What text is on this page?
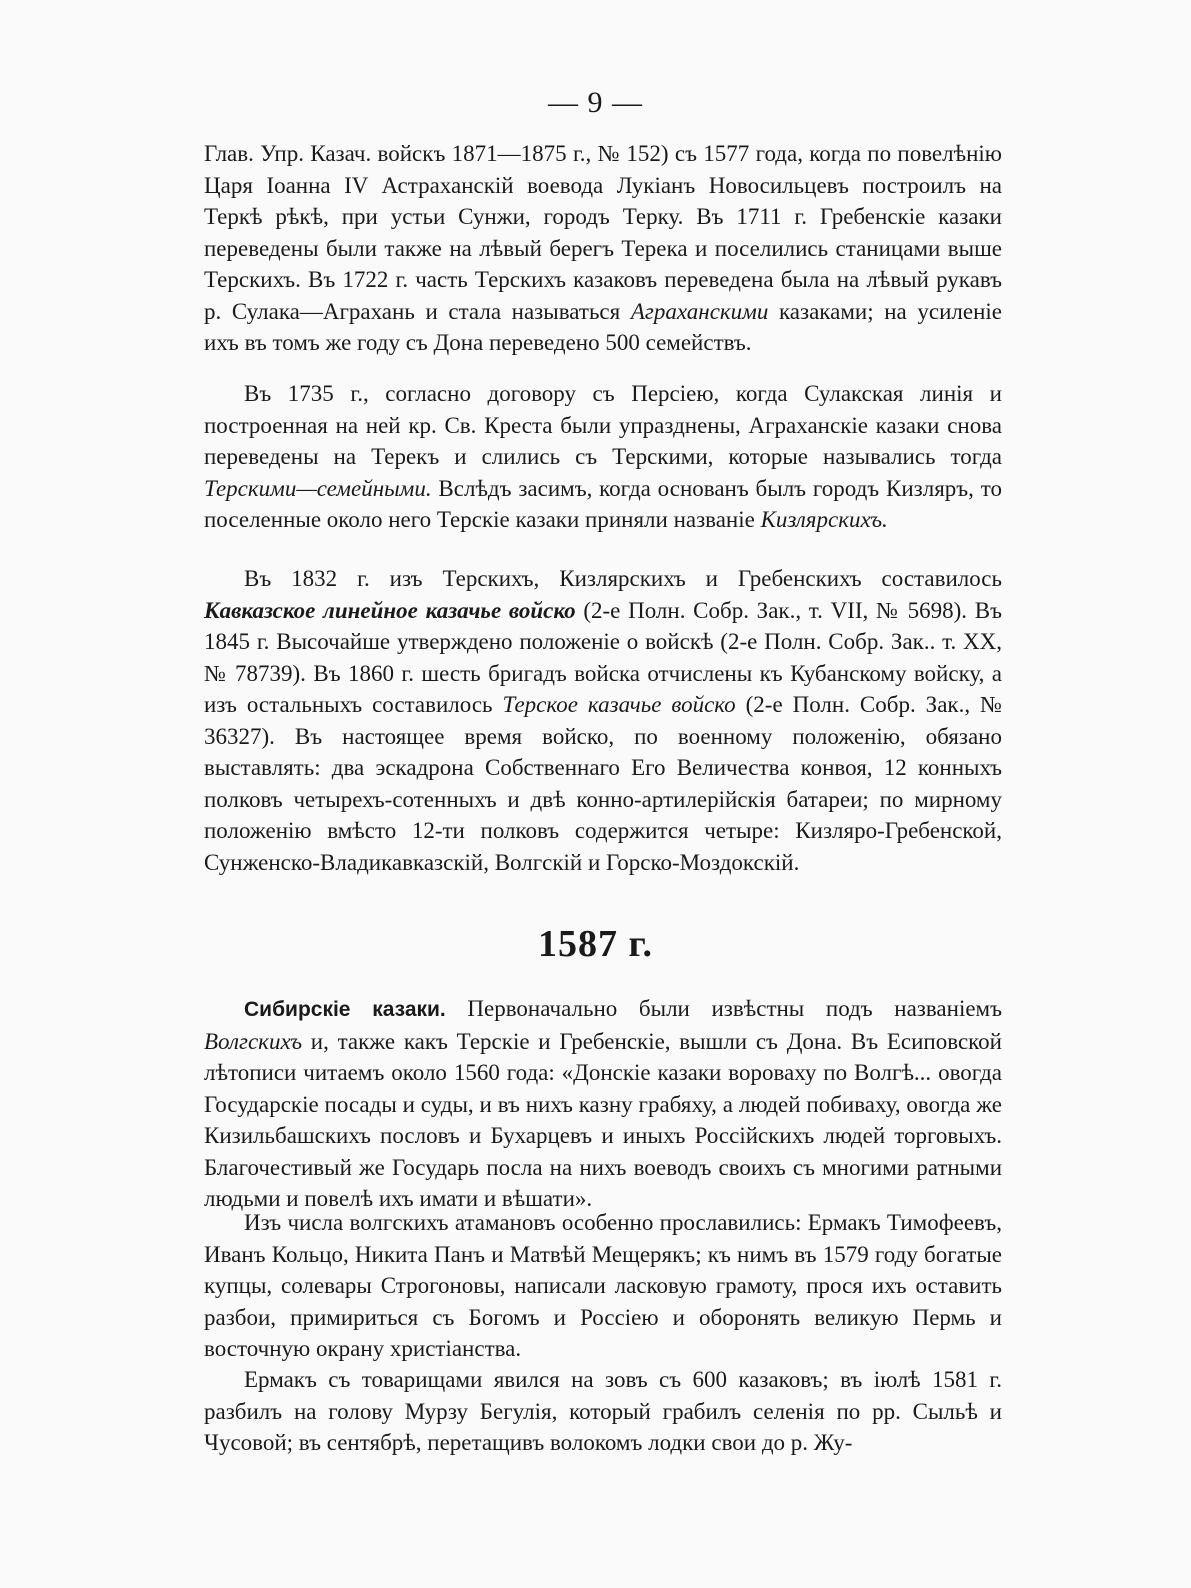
— 9 —

Глав. Упр. Казач. войскъ 1871—1875 г., № 152) съ 1577 года, когда по повелѣнію Царя Іоанна IV Астраханскій воевода Лукіанъ Новосильцевъ построилъ на Теркѣ рѣкѣ, при устьи Сунжи, городъ Терку. Въ 1711 г. Гребенскіе казаки переведены были также на лѣвый берегъ Терека и поселились станицами выше Терскихъ. Въ 1722 г. часть Терскихъ казаковъ переведена была на лѣвый рукавъ р. Сулака—Аграхань и стала называться Аграханскими казаками; на усиленіе ихъ въ томъ же году съ Дона переведено 500 семействъ.

Въ 1735 г., согласно договору съ Персіею, когда Сулакская линія и построенная на ней кр. Св. Креста были упразднены, Аграханскіе казаки снова переведены на Терекъ и слились съ Терскими, которые назывались тогда Терскими—семейными. Вслѣдъ засимъ, когда основанъ былъ городъ Кизляръ, то поселенные около него Терскіе казаки приняли названіе Кизлярскихъ.

Въ 1832 г. изъ Терскихъ, Кизлярскихъ и Гребенскихъ составилось Кавказское линейное казачье войско (2-е Полн. Собр. Зак., т. VII, № 5698). Въ 1845 г. Высочайше утверждено положеніе о войскѣ (2-е Полн. Собр. Зак.. т. XX, № 78739). Въ 1860 г. шесть бригадъ войска отчислены къ Кубанскому войску, а изъ остальныхъ составилось Терское казачье войско (2-е Полн. Собр. Зак., № 36327). Въ настоящее время войско, по военному положенію, обязано выставлять: два эскадрона Собственнаго Его Величества конвоя, 12 конныхъ полковъ четырехъ-сотенныхъ и двѣ конно-артилерійскія батареи; по мирному положенію вмѣсто 12-ти полковъ содержится четыре: Кизляро-Гребенской, Сунженско-Владикавказскій, Волгскій и Горско-Моздокскій.

1587 г.

Сибирскіе казаки. Первоначально были извѣстны подъ названіемъ Волгскихъ и, также какъ Терскіе и Гребенскіе, вышли съ Дона. Въ Есиповской лѣтописи читаемъ около 1560 года: «Донскіе казаки вороваху по Волгѣ... овогда Государскіе посады и суды, и въ нихъ казну грабяху, а людей побиваху, овогда же Кизильбашскихъ пословъ и Бухарцевъ и иныхъ Россійскихъ людей торговыхъ. Благочестивый же Государь посла на нихъ воеводъ своихъ съ многими ратными людьми и повелѣ ихъ имати и вѣшати».

Изъ числа волгскихъ атамановъ особенно прославились: Ермакъ Тимофеевъ, Иванъ Кольцо, Никита Панъ и Матвѣй Мещерякъ; къ нимъ въ 1579 году богатые купцы, солевары Строгоновы, написали ласковую грамоту, прося ихъ оставить разбои, примириться съ Богомъ и Россіею и оборонять великую Пермь и восточную окрану христіанства.

Ермакъ съ товарищами явился на зовъ съ 600 казаковъ; въ іюлѣ 1581 г. разбилъ на голову Мурзу Бегулія, который грабилъ селенія по рр. Сыльѣ и Чусовой; въ сентябрѣ, перетащивъ волокомъ лодки свои до р. Жу-
